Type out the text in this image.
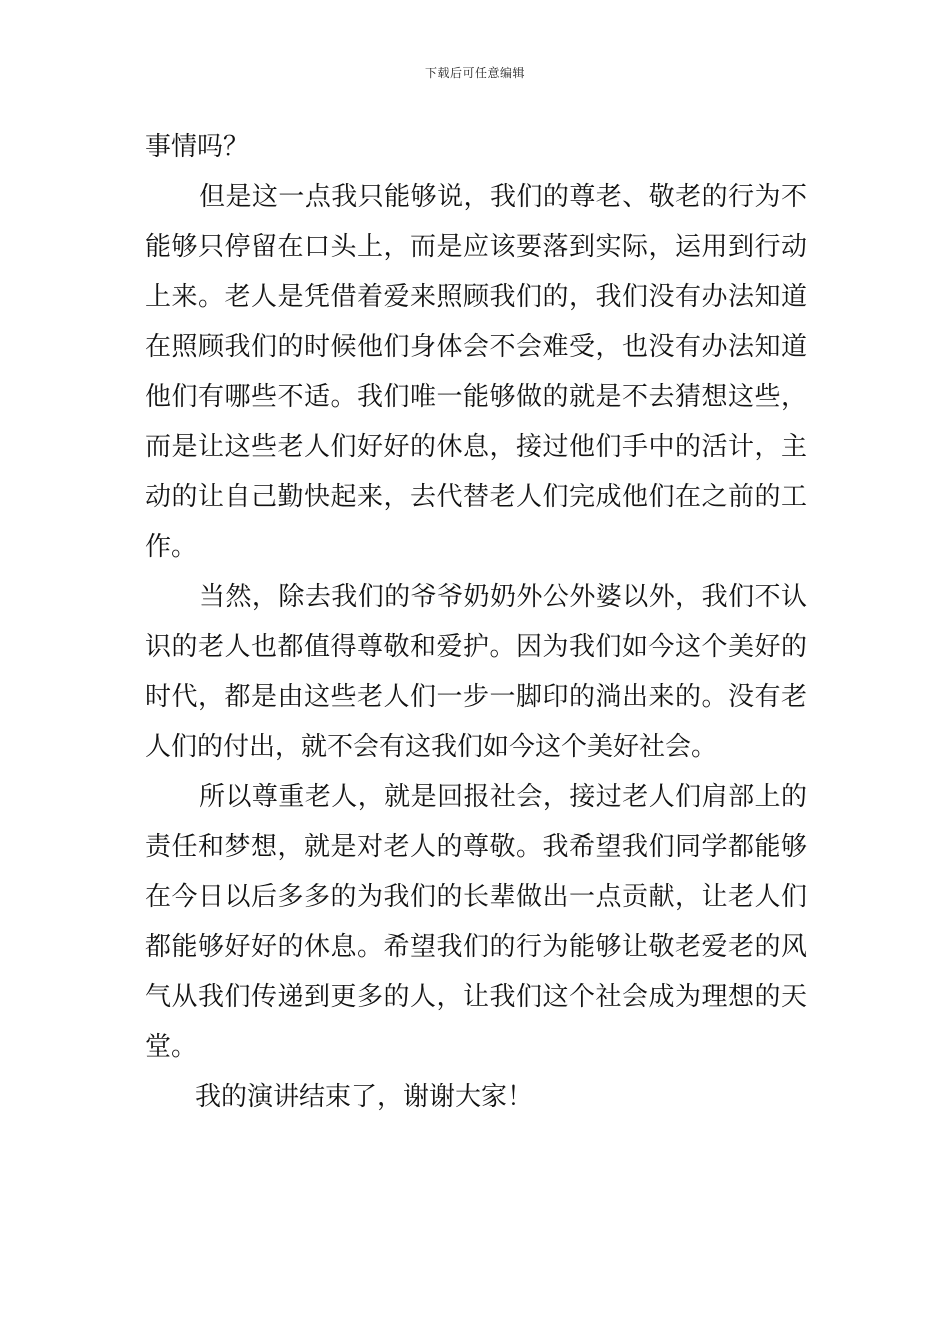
下载后可任意编辑
事情吗？
但是这一点我只能够说，我们的尊老、敬老的行为不
能够只停留在口头上，而是应该要落到实际，运用到行动
上来。老人是凭借着爱来照顾我们的，我们没有办法知道
在照顾我们的时候他们身体会不会难受，也没有办法知道
他们有哪些不适。我们唯一能够做的就是不去猜想这些，
而是让这些老人们好好的休息，接过他们手中的活计，主
动的让自己勤快起来，去代替老人们完成他们在之前的工
作。
当然，除去我们的爷爷奶奶外公外婆以外，我们不认
识的老人也都值得尊敬和爱护。因为我们如今这个美好的
时代，都是由这些老人们一步一脚印的淌出来的。没有老
人们的付出，就不会有这我们如今这个美好社会。
所以尊重老人，就是回报社会，接过老人们肩部上的
责任和梦想，就是对老人的尊敬。我希望我们同学都能够
在今日以后多多的为我们的长辈做出一点贡献，让老人们
都能够好好的休息。希望我们的行为能够让敬老爱老的风
气从我们传递到更多的人，让我们这个社会成为理想的天
堂。
我的演讲结束了，谢谢大家！
